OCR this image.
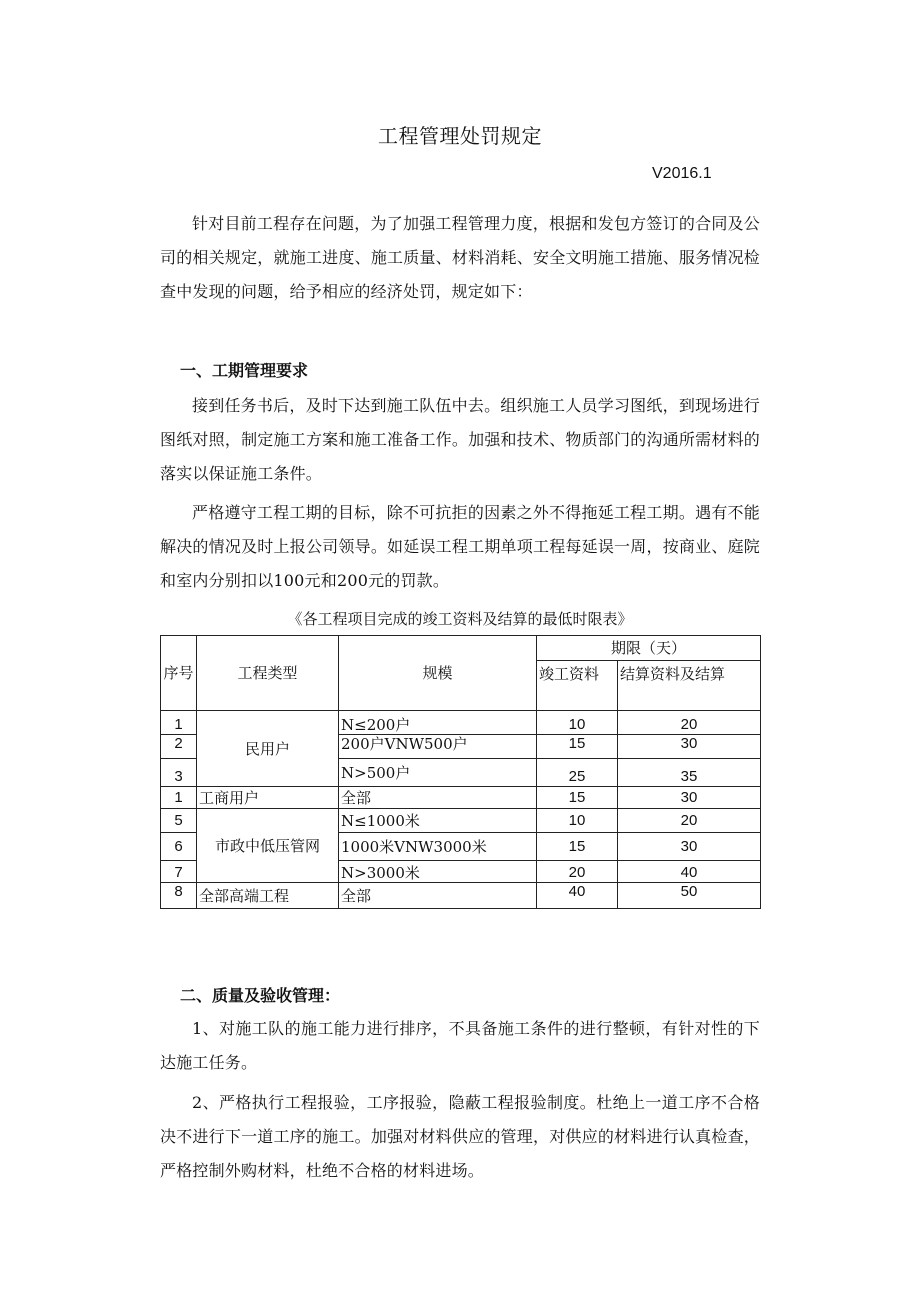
工程管理处罚规定
V2016.1

针对目前工程存在问题，为了加强工程管理力度，根据和发包方签订的合同及公司的相关规定，就施工进度、施工质量、材料消耗、安全文明施工措施、服务情况检查中发现的问题，给予相应的经济处罚，规定如下：

一、工期管理要求

接到任务书后，及时下达到施工队伍中去。组织施工人员学习图纸，到现场进行图纸对照，制定施工方案和施工准备工作。加强和技术、物质部门的沟通所需材料的落实以保证施工条件。

严格遵守工程工期的目标，除不可抗拒的因素之外不得拖延工程工期。遇有不能解决的情况及时上报公司领导。如延误工程工期单项工程每延误一周，按商业、庭院和室内分别扣以100元和200元的罚款。

《各工程项目完成的竣工资料及结算的最低时限表》
序号	工程类型	规模	期限（天）	
			竣工资料	结算资料及结算
1	民用户	N≤200户	10	20
2		200户VNW500户	15	30
3		N>500户	25	35
1	工商用户	全部	15	30
5	市政中低压管网	N≤1000米	10	20
6		1000米VNW3000米	15	30
7		N>3000米	20	40
8	全部高端工程	全部	40	50
二、质量及验收管理：

1、对施工队的施工能力进行排序，不具备施工条件的进行整顿，有针对性的下达施工任务。

2、严格执行工程报验，工序报验，隐蔽工程报验制度。杜绝上一道工序不合格决不进行下一道工序的施工。加强对材料供应的管理，对供应的材料进行认真检查，严格控制外购材料，杜绝不合格的材料进场。
